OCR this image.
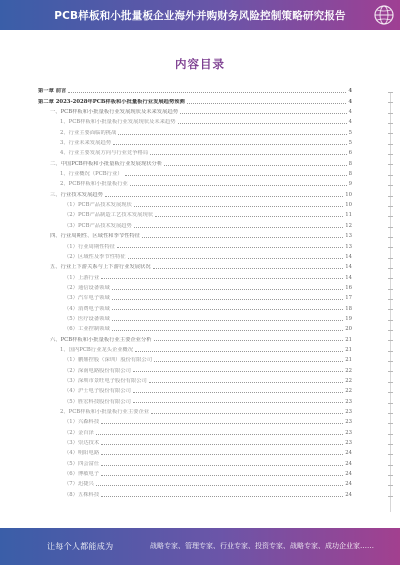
PCB样板和小批量板企业海外并购财务风险控制策略研究报告
内容目录
第一章 前言	4
第二章 2023-2028年PCB样板和小批量板行业发展趋势预测	4
一、PCB样板和小批量板行业发展现状及未来发展趋势	4
1、PCB样板和小批量板行业发展现状及未来趋势	4
2、行业主要面临的挑战	5
3、行业未来发展趋势	5
4、行业主要发展方向与行业竞争格局	6
二、中国PCB样板和小批量板行业发展现状分析	8
1、行业概况（PCB行业）	8
2、PCB样板和小批量板行业	9
三、行业技术发展趋势	10
（1）PCB产品技术发展现状	10
（2）PCB产品制造工艺技术发展现状	11
（3）PCB产品技术发展趋势	12
四、行业周期性、区域性和季节性特征	13
（1）行业周期性特征	13
（2）区域性及季节性特征	14
五、行业上下游关系与上下游行业发展状况	14
（1）上游行业	14
（2）通信设备领域	16
（3）汽车电子领域	17
（4）消费电子领域	18
（5）医疗设备领域	19
（6）工业控制领域	20
六、PCB样板和小批量板行业主要企业分析	21
1、国内PCB行业龙头企业概况	21
（1）鹏鼎控股（深圳）股份有限公司	21
（2）深南电路股份有限公司	22
（3）深圳市景旺电子股份有限公司	22
（4）沪士电子股份有限公司	22
（5）胜宏科技股份有限公司	23
2、PCB样板和小批量板行业主要企业	23
（1）兴森科技	23
（2）金百泽	23
（3）崇达技术	23
（4）明阳电路	24
（5）四会富仕	24
（6）博敏电子	24
（7）迅捷兴	24
（8）五株科技	24
让每个人都能成为	战略专家、管理专家、行业专家、投资专家、战略专家、成功企业家……
